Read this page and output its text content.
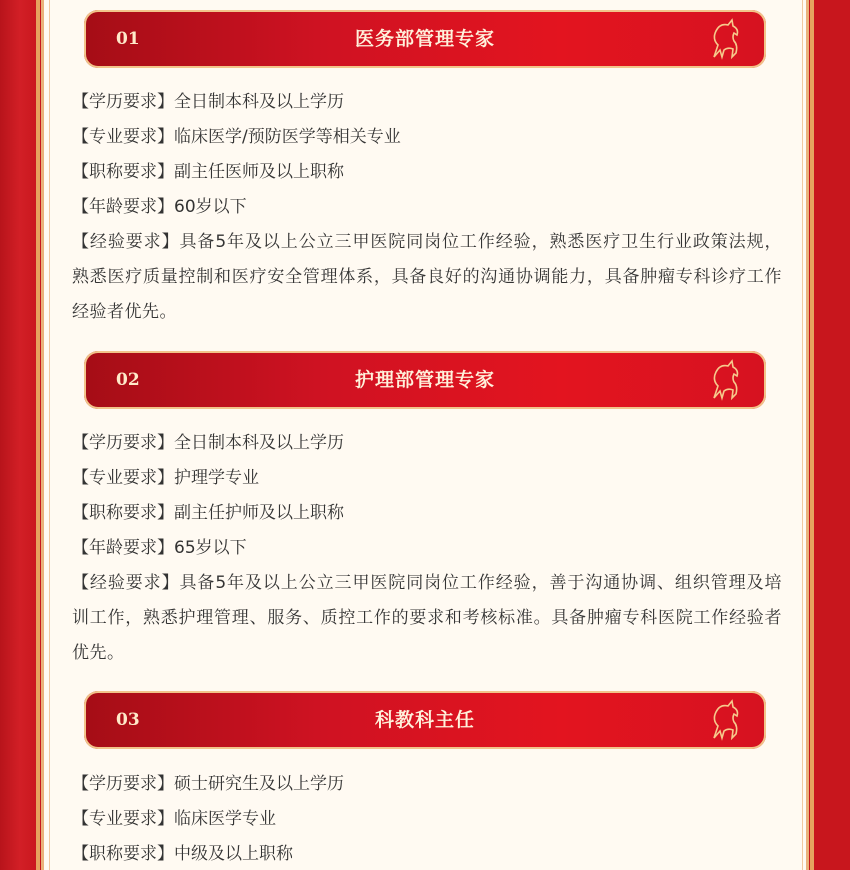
01	医务部管理专家
【学历要求】全日制本科及以上学历
【专业要求】临床医学/预防医学等相关专业
【职称要求】副主任医师及以上职称
【年龄要求】60岁以下
【经验要求】具备5年及以上公立三甲医院同岗位工作经验，熟悉医疗卫生行业政策法规，熟悉医疗质量控制和医疗安全管理体系，具备良好的沟通协调能力，具备肿瘤专科诊疗工作经验者优先。
02	护理部管理专家
【学历要求】全日制本科及以上学历
【专业要求】护理学专业
【职称要求】副主任护师及以上职称
【年龄要求】65岁以下
【经验要求】具备5年及以上公立三甲医院同岗位工作经验，善于沟通协调、组织管理及培训工作，熟悉护理管理、服务、质控工作的要求和考核标准。具备肿瘤专科医院工作经验者优先。
03	科教科主任
【学历要求】硕士研究生及以上学历
【专业要求】临床医学专业
【职称要求】中级及以上职称
